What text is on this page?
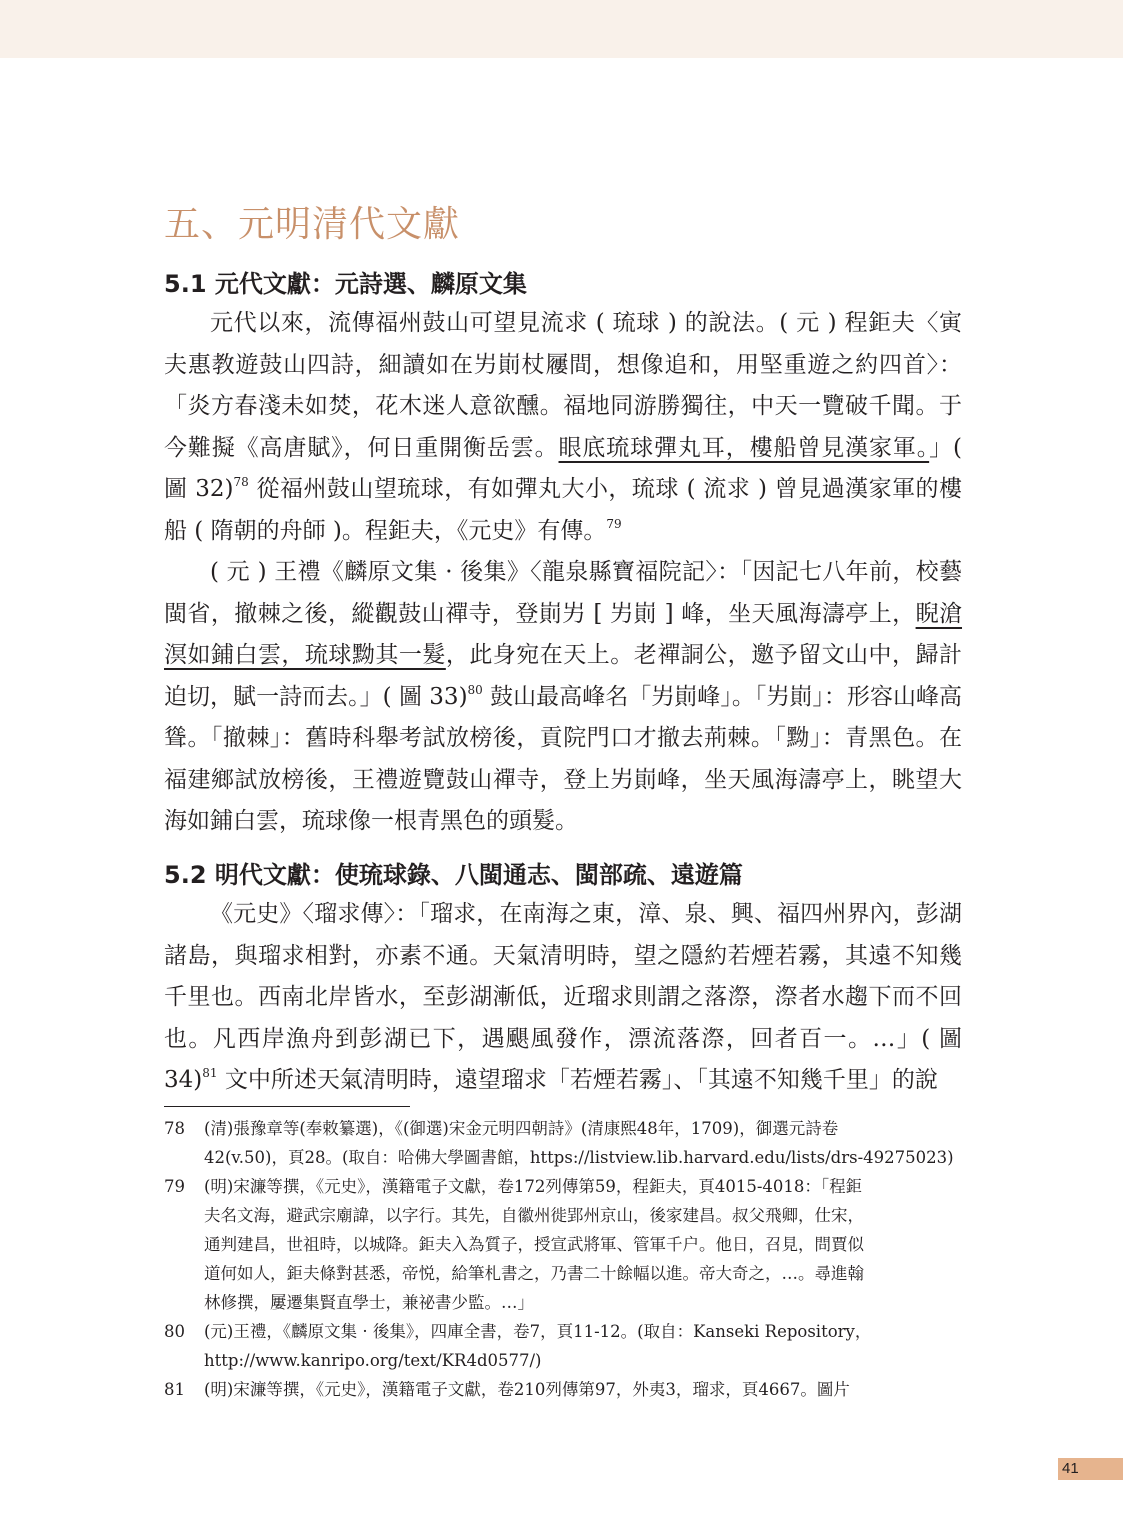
五、元明清代文獻
5.1 元代文獻：元詩選、麟原文集

元代以來，流傳福州鼓山可望見流求 ( 琉球 ) 的說法。( 元 ) 程鉅夫〈寅夫惠教遊鼓山四詩，細讀如在屴崱杖屨間，想像追和，用堅重遊之約四首〉：「炎方春淺未如焚，花木迷人意欲醺。福地同游勝獨往，中天一覽破千聞。于今難擬《高唐賦》，何日重開衡岳雲。眼底琉球彈丸耳，樓船曾見漢家軍。」( 圖 32)$^{78}$ 從福州鼓山望琉球，有如彈丸大小，琉球 ( 流求 ) 曾見過漢家軍的樓船 ( 隋朝的舟師 )。程鉅夫，《元史》有傳。$^{79}$

( 元 ) 王禮《麟原文集 · 後集》〈龍泉縣寶福院記〉：「因記七八年前，校藝閩省，撤棘之後，縱觀鼓山禪寺，登崱屴 [ 屴崱 ] 峰，坐天風海濤亭上，睨滄溟如鋪白雲，琉球黝其一髮，此身宛在天上。老禪詷公，邀予留文山中，歸計迫切，賦一詩而去。」( 圖 33)$^{80}$ 鼓山最高峰名「屴崱峰」。「屴崱」：形容山峰高聳。「撤棘」：舊時科舉考試放榜後，貢院門口才撤去荊棘。「黝」：青黑色。在福建鄉試放榜後，王禮遊覽鼓山禪寺，登上屴崱峰，坐天風海濤亭上，眺望大海如鋪白雲，琉球像一根青黑色的頭髮。

5.2 明代文獻：使琉球錄、八閩通志、閩部疏、遠遊篇

《元史》〈瑠求傳〉：「瑠求，在南海之東，漳、泉、興、福四州界內，彭湖諸島，與瑠求相對，亦素不通。天氣清明時，望之隱約若煙若霧，其遠不知幾千里也。西南北岸皆水，至彭湖漸低，近瑠求則謂之落漈，漈者水趨下而不回也。凡西岸漁舟到彭湖已下，遇颶風發作，漂流落漈，回者百一。…」( 圖 34)$^{81}$ 文中所述天氣清明時，遠望瑠求「若煙若霧」、「其遠不知幾千里」的說

78	(清)張豫章等(奉敕纂選)，《(御選)宋金元明四朝詩》(清康熙48年，1709)，御選元詩卷
42(v.50)，頁28。(取自：哈佛大學圖書館，https://listview.lib.harvard.edu/lists/drs-49275023)
79	(明)宋濂等撰，《元史》，漢籍電子文獻，卷172列傳第59，程鉅夫，頁4015-4018：「程鉅
夫名文海，避武宗廟諱，以字行。其先，自徽州徙郢州京山，後家建昌。叔父飛卿，仕宋，
通判建昌，世祖時，以城降。鉅夫入為質子，授宣武將軍、管軍千户。他日，召見，問賈似
道何如人，鉅夫條對甚悉，帝悦，給筆札書之，乃書二十餘幅以進。帝大奇之，…。尋進翰
林修撰，屢遷集賢直學士，兼祕書少監。…」
80	(元)王禮，《麟原文集 · 後集》，四庫全書，卷7，頁11-12。(取自：Kanseki Repository，
http://www.kanripo.org/text/KR4d0577/)
81	(明)宋濂等撰，《元史》，漢籍電子文獻，卷210列傳第97，外夷3，瑠求，頁4667。圖片
41
